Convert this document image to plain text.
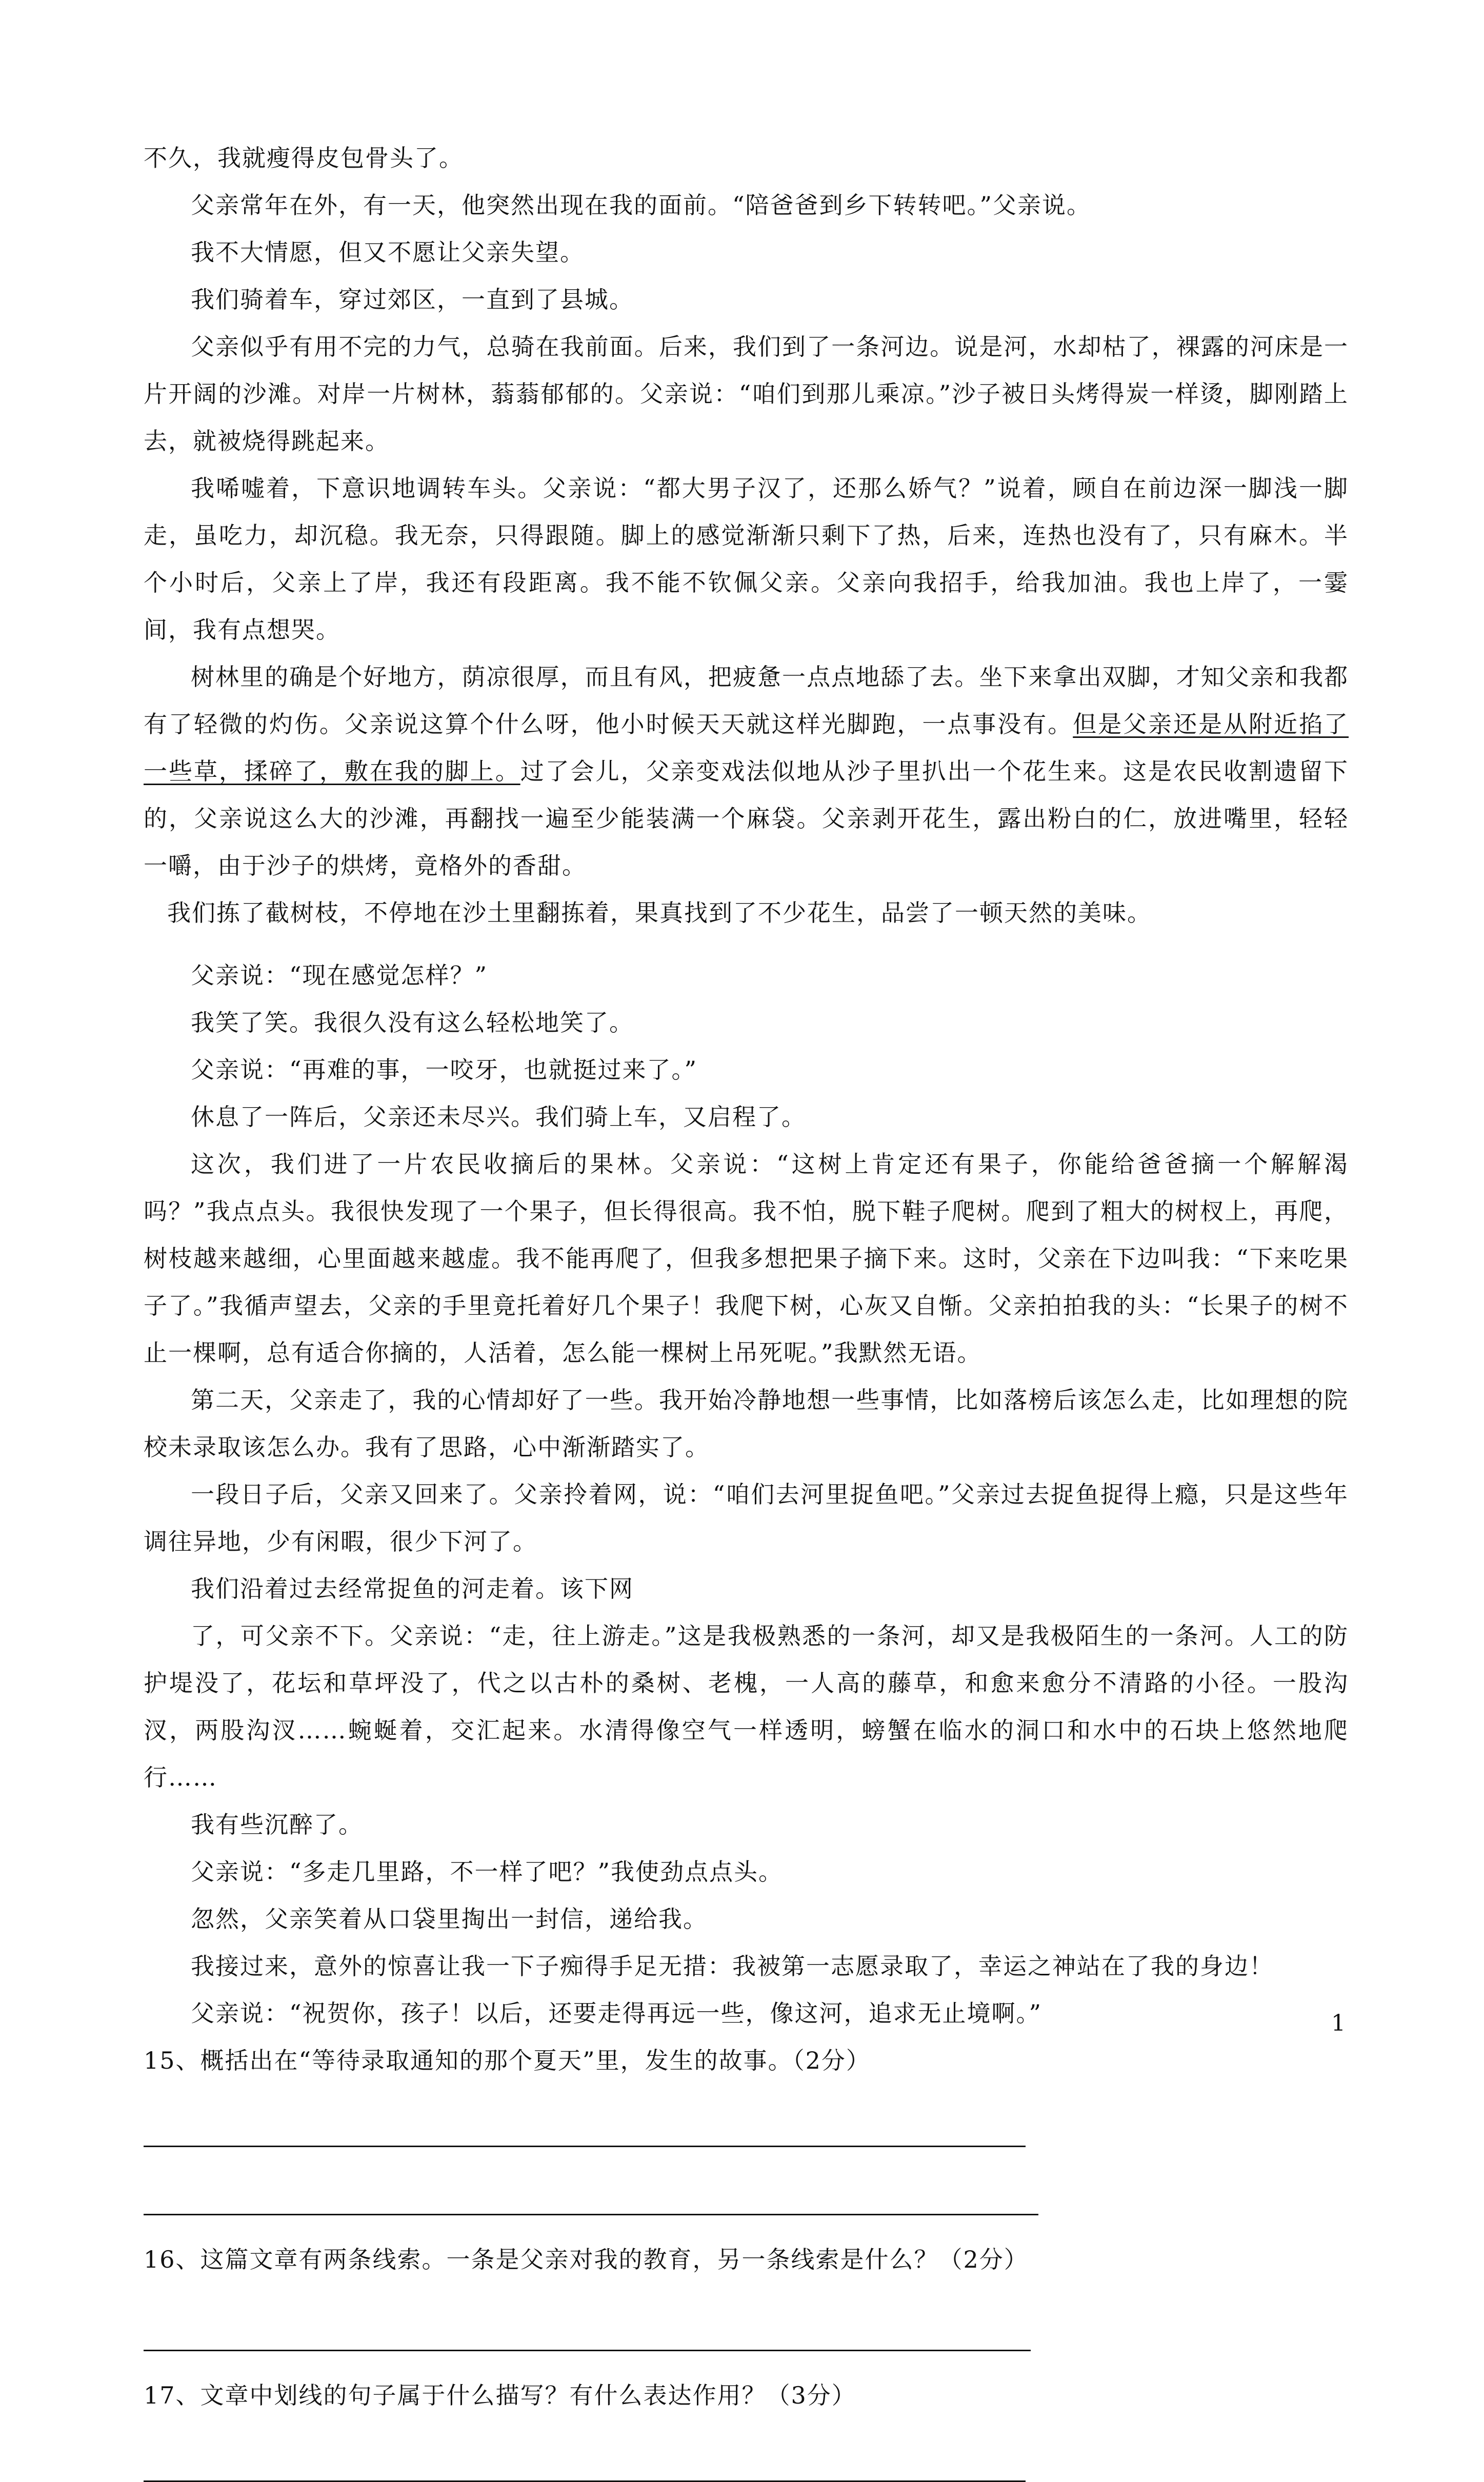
不久，我就瘦得皮包骨头了。

父亲常年在外，有一天，他突然出现在我的面前。“陪爸爸到乡下转转吧。”父亲说。

我不大情愿，但又不愿让父亲失望。

我们骑着车，穿过郊区，一直到了县城。

父亲似乎有用不完的力气，总骑在我前面。后来，我们到了一条河边。说是河，水却枯了，裸露的河床是一片开阔的沙滩。对岸一片树林，蓊蓊郁郁的。父亲说：“咱们到那儿乘凉。”沙子被日头烤得炭一样烫，脚刚踏上去，就被烧得跳起来。

我唏嘘着，下意识地调转车头。父亲说：“都大男子汉了，还那么娇气？”说着，顾自在前边深一脚浅一脚走，虽吃力，却沉稳。我无奈，只得跟随。脚上的感觉渐渐只剩下了热，后来，连热也没有了，只有麻木。半个小时后，父亲上了岸，我还有段距离。我不能不钦佩父亲。父亲向我招手，给我加油。我也上岸了，一霎间，我有点想哭。

树林里的确是个好地方，荫凉很厚，而且有风，把疲惫一点点地舔了去。坐下来拿出双脚，才知父亲和我都有了轻微的灼伤。父亲说这算个什么呀，他小时候天天就这样光脚跑，一点事没有。但是父亲还是从附近掐了一些草，揉碎了，敷在我的脚上。过了会儿，父亲变戏法似地从沙子里扒出一个花生来。这是农民收割遗留下的，父亲说这么大的沙滩，再翻找一遍至少能装满一个麻袋。父亲剥开花生，露出粉白的仁，放进嘴里，轻轻一嚼，由于沙子的烘烤，竟格外的香甜。

我们拣了截树枝，不停地在沙土里翻拣着，果真找到了不少花生，品尝了一顿天然的美味。

父亲说：“现在感觉怎样？”

我笑了笑。我很久没有这么轻松地笑了。

父亲说：“再难的事，一咬牙，也就挺过来了。”

休息了一阵后，父亲还未尽兴。我们骑上车，又启程了。

这次，我们进了一片农民收摘后的果林。父亲说：“这树上肯定还有果子，你能给爸爸摘一个解解渴吗？”我点点头。我很快发现了一个果子，但长得很高。我不怕，脱下鞋子爬树。爬到了粗大的树杈上，再爬，树枝越来越细，心里面越来越虚。我不能再爬了，但我多想把果子摘下来。这时，父亲在下边叫我：“下来吃果子了。”我循声望去，父亲的手里竟托着好几个果子！我爬下树，心灰又自惭。父亲拍拍我的头：“长果子的树不止一棵啊，总有适合你摘的，人活着，怎么能一棵树上吊死呢。”我默然无语。

第二天，父亲走了，我的心情却好了一些。我开始冷静地想一些事情，比如落榜后该怎么走，比如理想的院校未录取该怎么办。我有了思路，心中渐渐踏实了。

一段日子后，父亲又回来了。父亲拎着网，说：“咱们去河里捉鱼吧。”父亲过去捉鱼捉得上瘾，只是这些年调往异地，少有闲暇，很少下河了。

我们沿着过去经常捉鱼的河走着。该下网

了，可父亲不下。父亲说：“走，往上游走。”这是我极熟悉的一条河，却又是我极陌生的一条河。人工的防护堤没了，花坛和草坪没了，代之以古朴的桑树、老槐，一人高的藤草，和愈来愈分不清路的小径。一股沟汊，两股沟汊……蜿蜒着，交汇起来。水清得像空气一样透明，螃蟹在临水的洞口和水中的石块上悠然地爬行……

我有些沉醉了。

父亲说：“多走几里路，不一样了吧？”我使劲点点头。

忽然，父亲笑着从口袋里掏出一封信，递给我。

我接过来，意外的惊喜让我一下子痴得手足无措：我被第一志愿录取了，幸运之神站在了我的身边！

父亲说：“祝贺你，孩子！以后，还要走得再远一些，像这河，追求无止境啊。”

15、概括出在“等待录取通知的那个夏天”里，发生的故事。（2分）

16、这篇文章有两条线索。一条是父亲对我的教育，另一条线索是什么？（2分）

17、文章中划线的句子属于什么描写？有什么表达作用？（3分）

1
